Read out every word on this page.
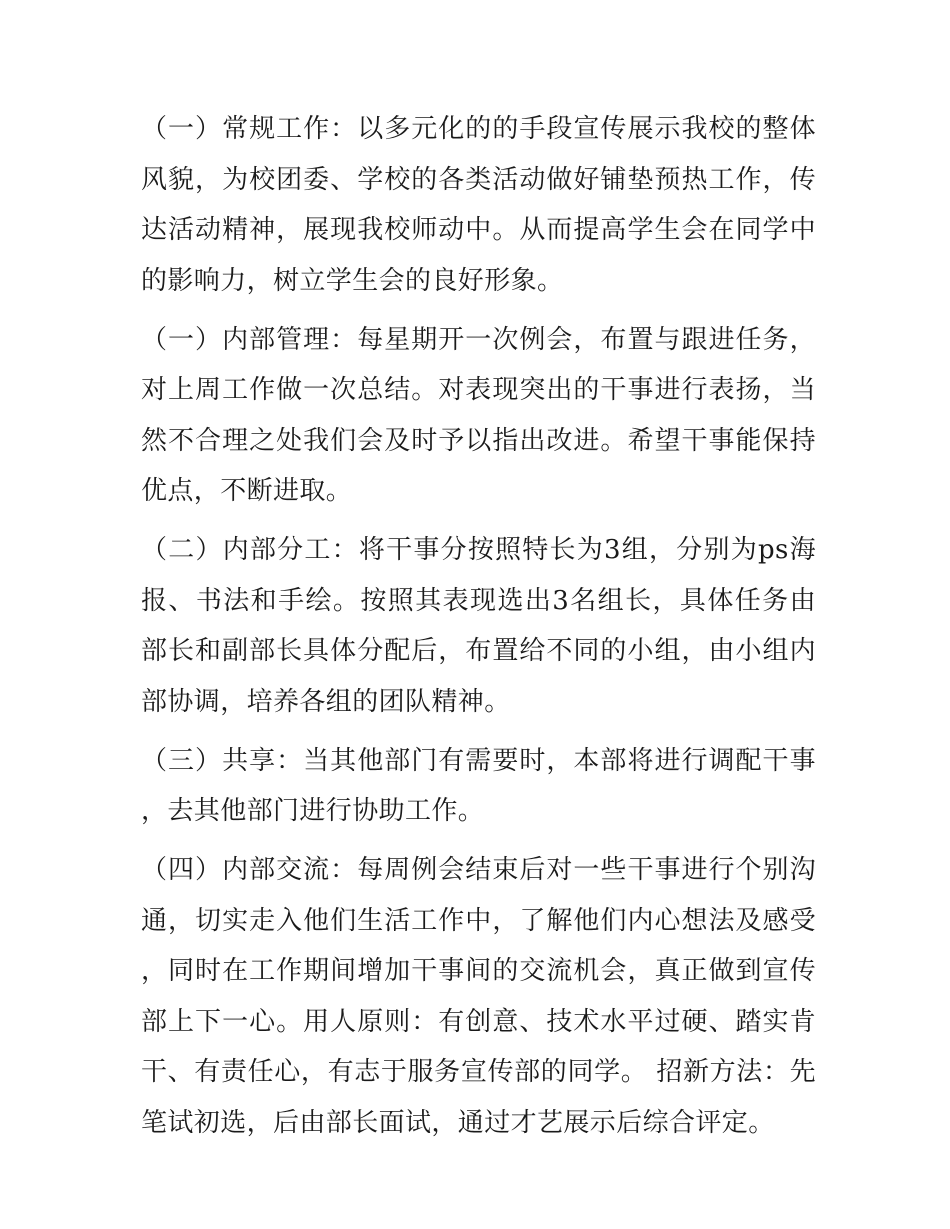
（一）常规工作：以多元化的的手段宣传展示我校的整体风貌，为校团委、学校的各类活动做好铺垫预热工作，传达活动精神，展现我校师动中。从而提高学生会在同学中的影响力，树立学生会的良好形象。

（一）内部管理：每星期开一次例会，布置与跟进任务，对上周工作做一次总结。对表现突出的干事进行表扬，当然不合理之处我们会及时予以指出改进。希望干事能保持优点，不断进取。

（二）内部分工：将干事分按照特长为3组，分别为ps海报、书法和手绘。按照其表现选出3名组长，具体任务由部长和副部长具体分配后，布置给不同的小组，由小组内部协调，培养各组的团队精神。

（三）共享：当其他部门有需要时，本部将进行调配干事，去其他部门进行协助工作。

（四）内部交流：每周例会结束后对一些干事进行个别沟通，切实走入他们生活工作中，了解他们内心想法及感受，同时在工作期间增加干事间的交流机会，真正做到宣传部上下一心。用人原则：有创意、技术水平过硬、踏实肯干、有责任心，有志于服务宣传部的同学。 招新方法：先笔试初选，后由部长面试，通过才艺展示后综合评定。
